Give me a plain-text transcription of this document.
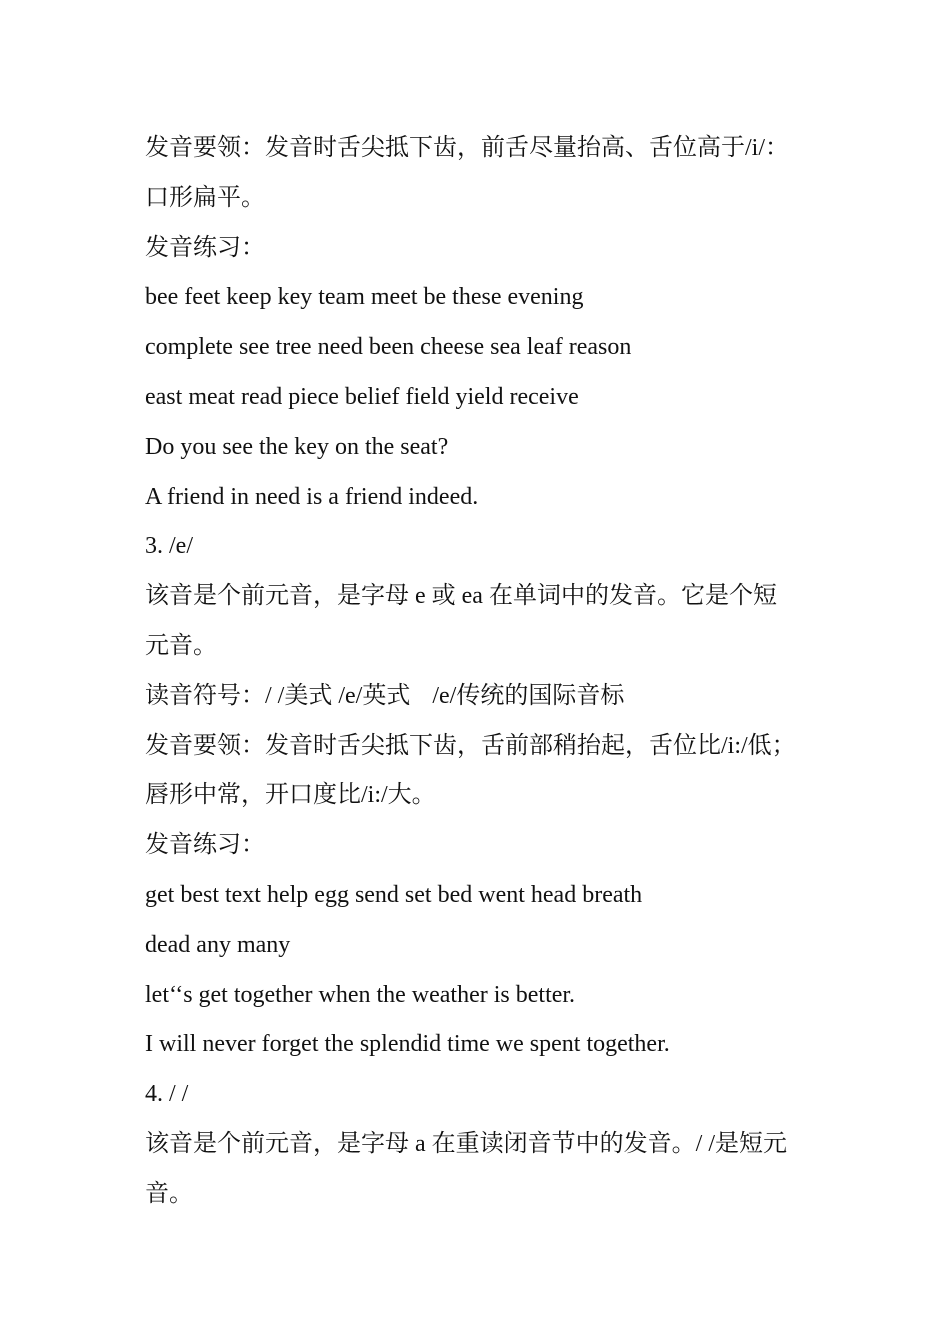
发音要领：发音时舌尖抵下齿，前舌尽量抬高、舌位高于/i/：
口形扁平。
发音练习：
bee feet keep key team meet be these evening
complete see tree need been cheese sea leaf reason
east meat read piece belief field yield receive
Do you see the key on the seat?
A friend in need is a friend indeed.
3. /e/
该音是个前元音，是字母 e 或 ea 在单词中的发音。它是个短
元音。
读音符号：/ /美式 /e/英式 /e/传统的国际音标
发音要领：发音时舌尖抵下齿，舌前部稍抬起，舌位比/i:/低；
唇形中常，开口度比/i:/大。
发音练习：
get best text help egg send set bed went head breath
dead any many
let‘‘s get together when the weather is better.
I will never forget the splendid time we spent together.
4. / /
该音是个前元音，是字母 a 在重读闭音节中的发音。/ /是短元
音。
